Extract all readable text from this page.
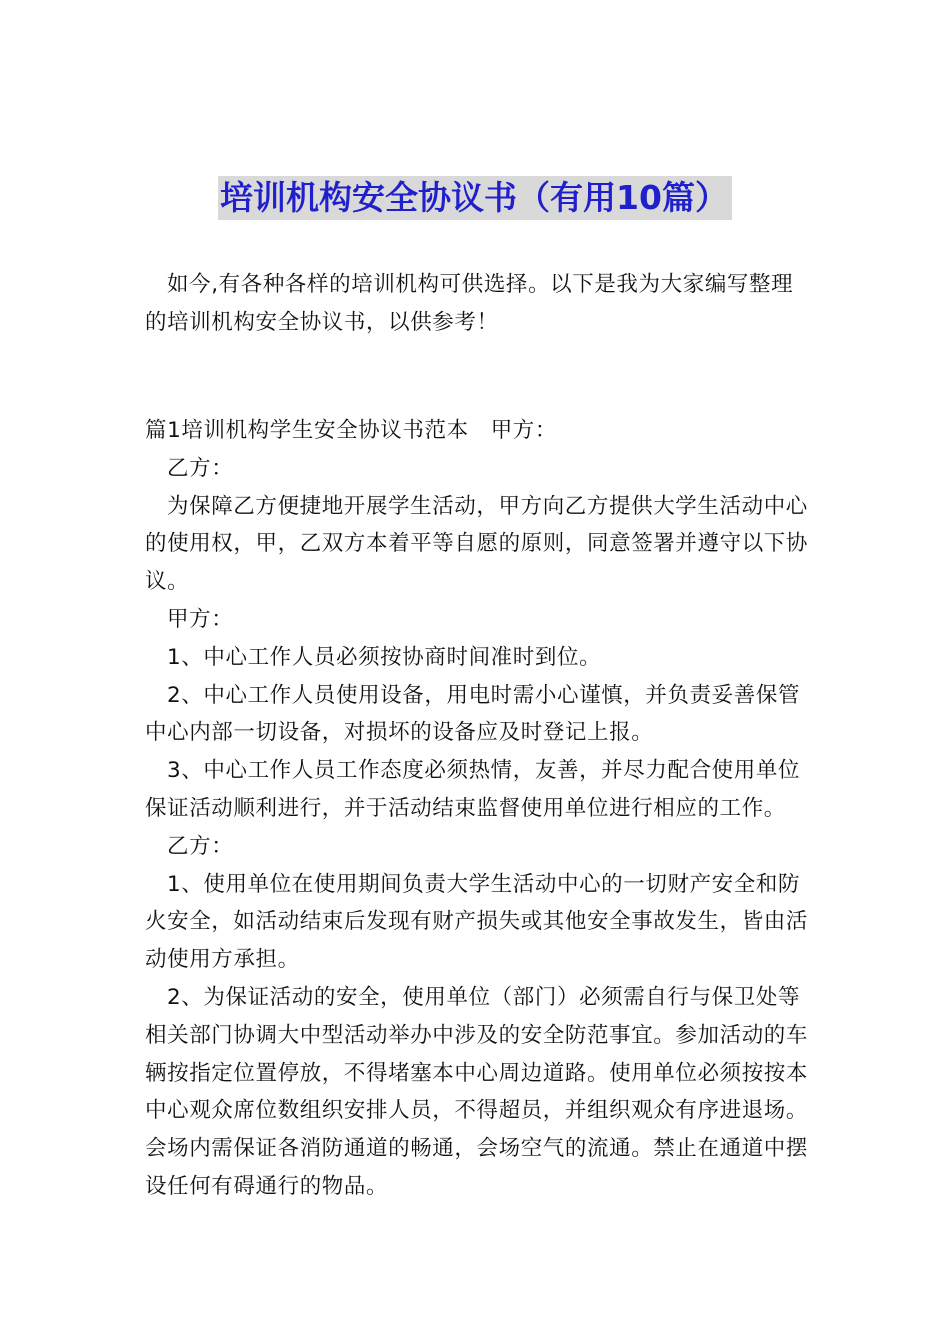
培训机构安全协议书（有用10篇）

如今,有各种各样的培训机构可供选择。以下是我为大家编写整理的培训机构安全协议书，以供参考！

篇1培训机构学生安全协议书范本 甲方：

乙方：

为保障乙方便捷地开展学生活动，甲方向乙方提供大学生活动中心的使用权，甲，乙双方本着平等自愿的原则，同意签署并遵守以下协议。

甲方：

1、中心工作人员必须按协商时间准时到位。

2、中心工作人员使用设备，用电时需小心谨慎，并负责妥善保管中心内部一切设备，对损坏的设备应及时登记上报。

3、中心工作人员工作态度必须热情，友善，并尽力配合使用单位保证活动顺利进行，并于活动结束监督使用单位进行相应的工作。

乙方：

1、使用单位在使用期间负责大学生活动中心的一切财产安全和防火安全，如活动结束后发现有财产损失或其他安全事故发生，皆由活动使用方承担。

2、为保证活动的安全，使用单位（部门）必须需自行与保卫处等相关部门协调大中型活动举办中涉及的安全防范事宜。参加活动的车辆按指定位置停放，不得堵塞本中心周边道路。使用单位必须按按本中心观众席位数组织安排人员，不得超员，并组织观众有序进退场。会场内需保证各消防通道的畅通，会场空气的流通。禁止在通道中摆设任何有碍通行的物品。
